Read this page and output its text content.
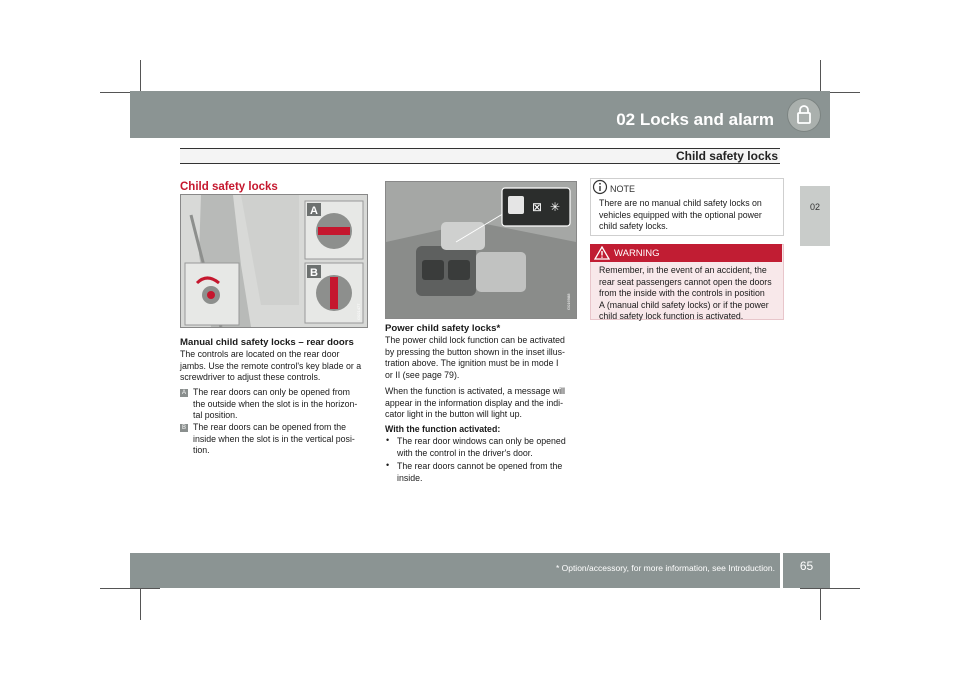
02 Locks and alarm
Child safety locks
02
Child safety locks
A
B
G021477
Manual child safety locks – rear doors
The controls are located on the rear door
jambs. Use the remote control's key blade or a
screwdriver to adjust these controls.
A The rear doors can only be opened from
the outside when the slot is in the horizon-
tal position.
B The rear doors can be opened from the
inside when the slot is in the vertical posi-
tion.
⊠ ✳
G016988
Power child safety locks*
The power child lock function can be activated
by pressing the button shown in the inset illus-
tration above. The ignition must be in mode I
or II (see page 79).
When the function is activated, a message will
appear in the information display and the indi-
cator light in the button will light up.
With the function activated:
• The rear door windows can only be opened
with the control in the driver's door.
• The rear doors cannot be opened from the
inside.
NOTE
There are no manual child safety locks on
vehicles equipped with the optional power
child safety locks.
WARNING
Remember, in the event of an accident, the
rear seat passengers cannot open the doors
from the inside with the controls in position
A (manual child safety locks) or if the power
child safety lock function is activated.
* Option/accessory, for more information, see Introduction.	65
